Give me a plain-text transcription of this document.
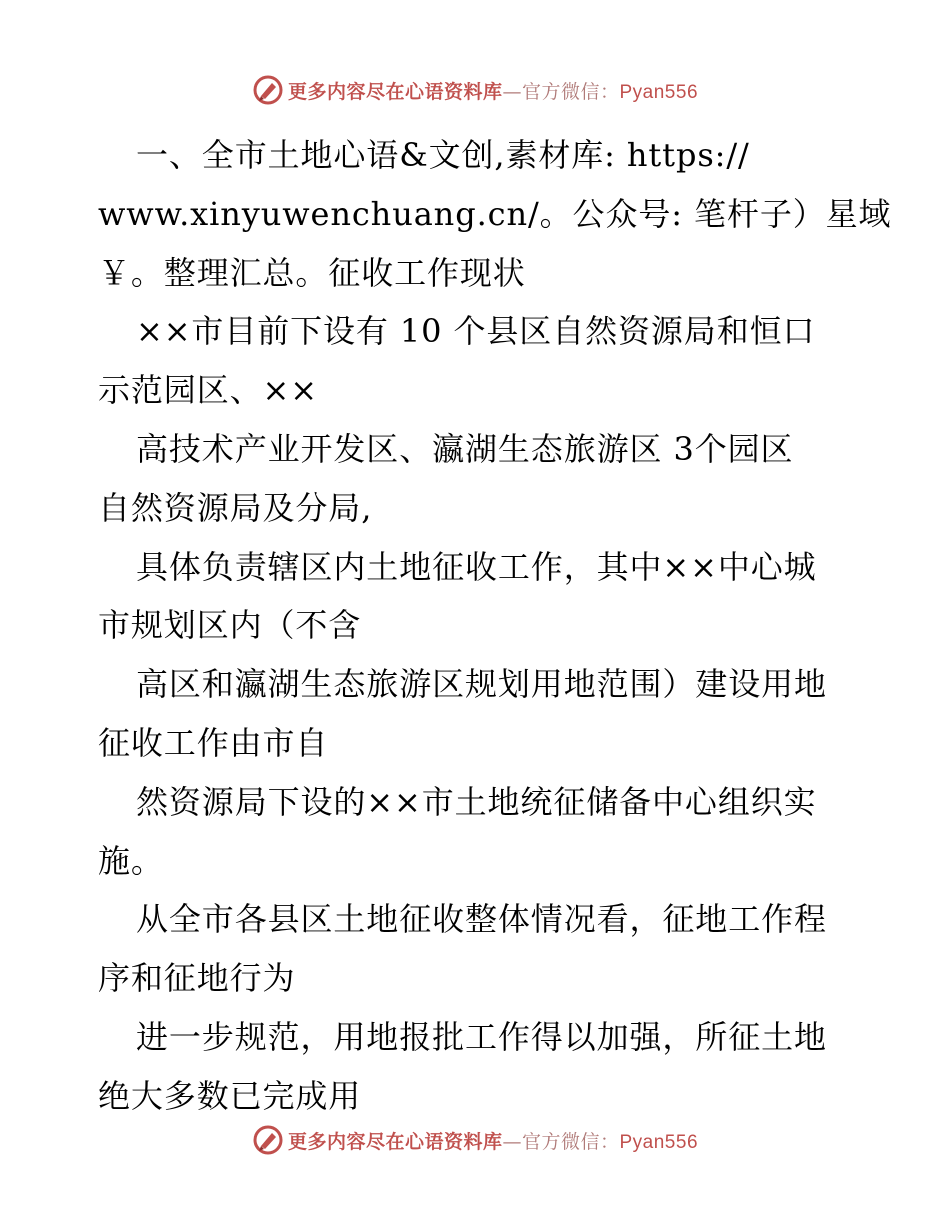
更多内容尽在心语资料库—官方微信：Pyan556
一、全市土地心语&文创,素材库: https://
www.xinyuwenchuang.cn/。公众号: 笔杆子）星域
￥。整理汇总。征收工作现状
××市目前下设有 10 个县区自然资源局和恒口
示范园区、××
高技术产业开发区、瀛湖生态旅游区 3个园区
自然资源局及分局,
具体负责辖区内土地征收工作，其中××中心城
市规划区内（不含
高区和瀛湖生态旅游区规划用地范围）建设用地
征收工作由市自
然资源局下设的××市土地统征储备中心组织实
施。
从全市各县区土地征收整体情况看，征地工作程
序和征地行为
进一步规范，用地报批工作得以加强，所征土地
绝大多数已完成用
更多内容尽在心语资料库—官方微信：Pyan556
